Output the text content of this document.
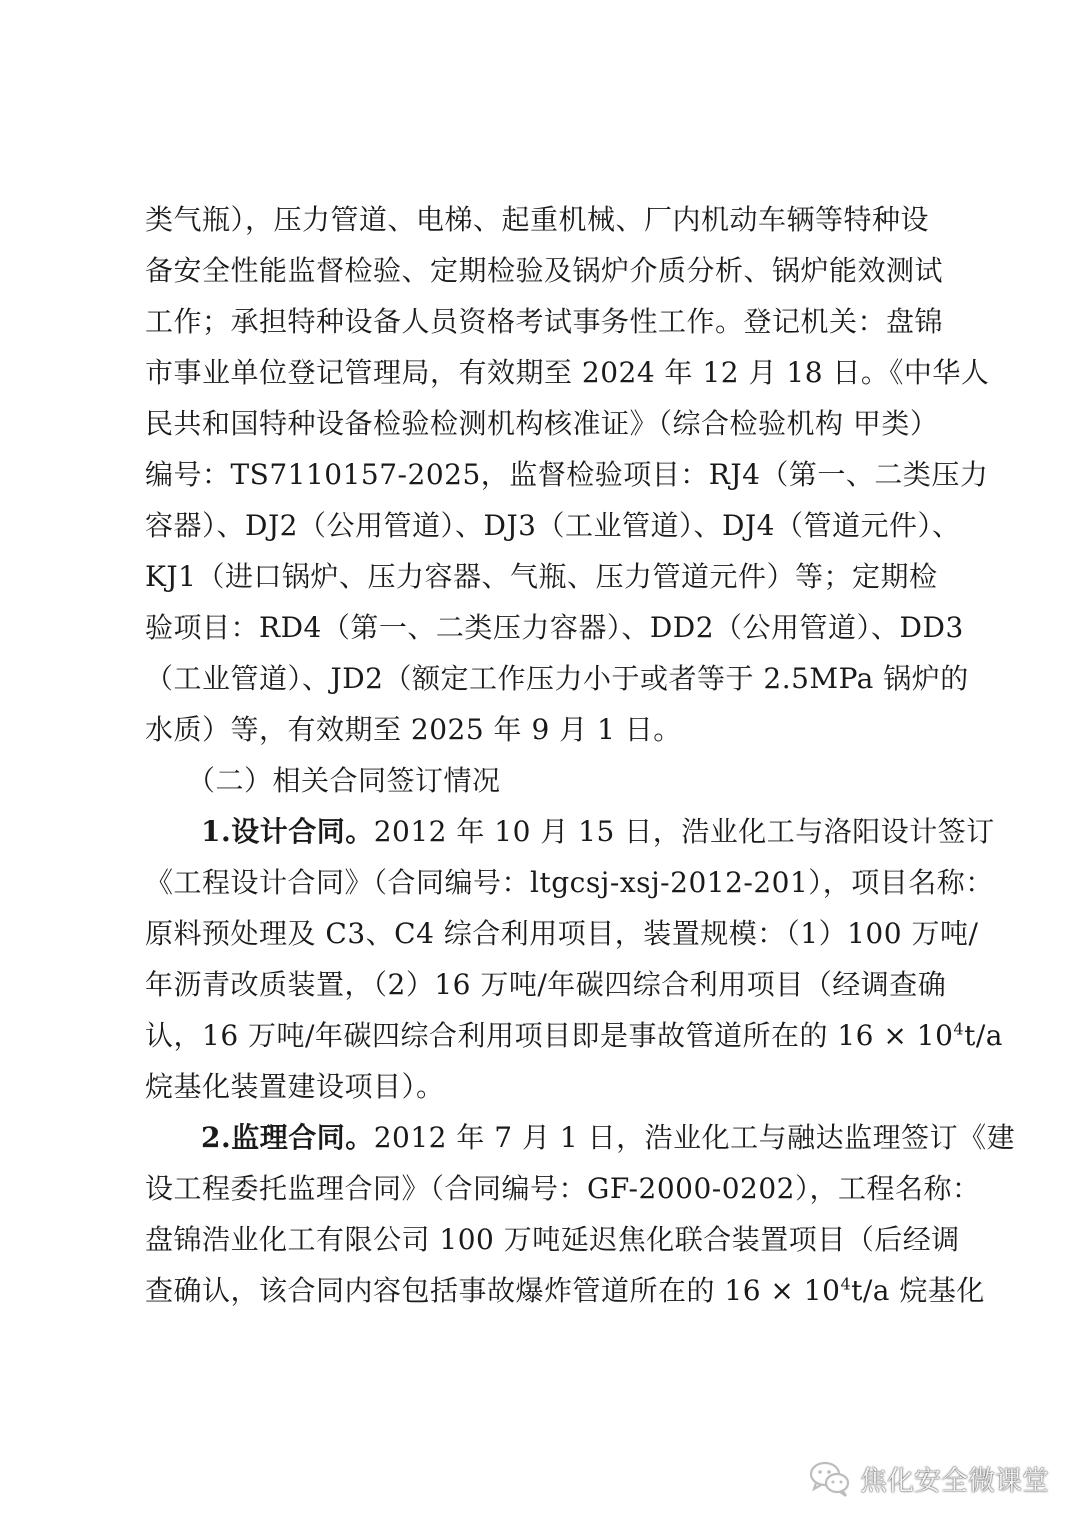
类气瓶），压力管道、电梯、起重机械、厂内机动车辆等特种设
备安全性能监督检验、定期检验及锅炉介质分析、锅炉能效测试
工作；承担特种设备人员资格考试事务性工作。登记机关：盘锦
市事业单位登记管理局，有效期至 2024 年 12 月 18 日。《中华人
民共和国特种设备检验检测机构核准证》（综合检验机构 甲类）
编号：TS7110157-2025，监督检验项目：RJ4（第一、二类压力
容器）、DJ2（公用管道）、DJ3（工业管道）、DJ4（管道元件）、
KJ1（进口锅炉、压力容器、气瓶、压力管道元件）等；定期检
验项目：RD4（第一、二类压力容器）、DD2（公用管道）、DD3
（工业管道）、JD2（额定工作压力小于或者等于 2.5MPa 锅炉的
水质）等，有效期至 2025 年 9 月 1 日。
（二）相关合同签订情况
1.设计合同。2012 年 10 月 15 日，浩业化工与洛阳设计签订
《工程设计合同》（合同编号：ltgcsj-xsj-2012-201），项目名称：
原料预处理及 C3、C4 综合利用项目，装置规模：（1）100 万吨/
年沥青改质装置，（2）16 万吨/年碳四综合利用项目（经调查确
认，16 万吨/年碳四综合利用项目即是事故管道所在的 $16 \times 10^4t/a$
烷基化装置建设项目）。
2.监理合同。2012 年 7 月 1 日，浩业化工与融达监理签订《建
设工程委托监理合同》（合同编号：GF-2000-0202），工程名称：
盘锦浩业化工有限公司 100 万吨延迟焦化联合装置项目（后经调
查确认，该合同内容包括事故爆炸管道所在的 $16 \times 10^4t/a$ 烷基化
焦化安全微课堂
